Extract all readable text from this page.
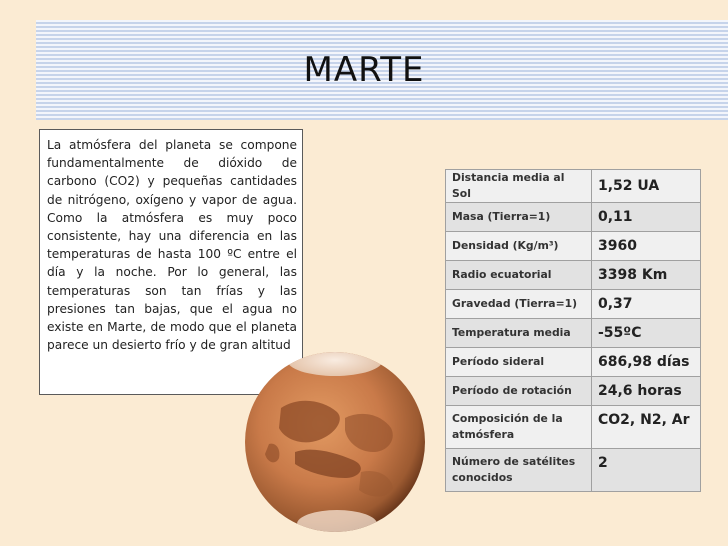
MARTE
La atmósfera del planeta se compone fundamentalmente de dióxido de carbono (CO2) y pequeñas cantidades de nitrógeno, oxígeno y vapor de agua. Como la atmósfera es muy poco consistente, hay una diferencia en las temperaturas de hasta 100 ºC entre el día y la noche. Por lo general, las temperaturas son tan frías y las presiones tan bajas, que el agua no existe en Marte, de modo que el planeta parece un desierto frío y de gran altitud
Distancia media al Sol	1,52 UA
Masa (Tierra=1)	0,11
Densidad (Kg/m³)	3960
Radio ecuatorial	3398 Km
Gravedad (Tierra=1)	0,37
Temperatura media	-55ºC
Período sideral	686,98 días
Período de rotación	24,6 horas
Composición de la atmósfera	CO2, N2, Ar
Número de satélites conocidos	2
